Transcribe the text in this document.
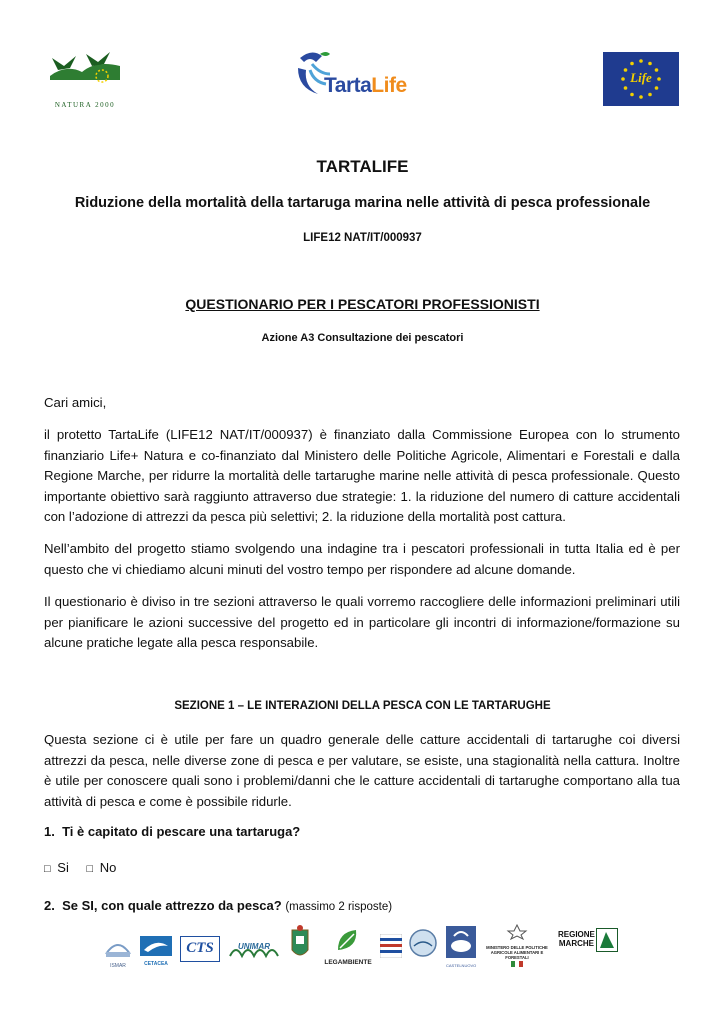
NATURA 2000
TartaLife	Life
TARTALIFE
Riduzione della mortalità della tartaruga marina nelle attività di pesca professionale
LIFE12 NAT/IT/000937
QUESTIONARIO PER I PESCATORI PROFESSIONISTI
Azione A3 Consultazione dei pescatori

Cari amici,

il protetto TartaLife (LIFE12 NAT/IT/000937) è finanziato dalla Commissione Europea con lo strumento finanziario Life+ Natura e co-finanziato dal Ministero delle Politiche Agricole, Alimentari e Forestali e dalla Regione Marche, per ridurre la mortalità delle tartarughe marine nelle attività di pesca professionale. Questo importante obiettivo sarà raggiunto attraverso due strategie: 1. la riduzione del numero di catture accidentali con l’adozione di attrezzi da pesca più selettivi; 2. la riduzione della mortalità post cattura.

Nell’ambito del progetto stiamo svolgendo una indagine tra i pescatori professionali in tutta Italia ed è per questo che vi chiediamo alcuni minuti del vostro tempo per rispondere ad alcune domande.

Il questionario è diviso in tre sezioni attraverso le quali vorremo raccogliere delle informazioni preliminari utili per pianificare le azioni successive del progetto ed in particolare gli incontri di informazione/formazione su alcune pratiche legate alla pesca responsabile.

SEZIONE 1 – LE INTERAZIONI DELLA PESCA CON LE TARTARUGHE

Questa sezione ci è utile per fare un quadro generale delle catture accidentali di tartarughe coi diversi attrezzi da pesca, nelle diverse zone di pesca e per valutare, se esiste, una stagionalità nella cattura. Inoltre è utile per conoscere quali sono i problemi/danni che le catture accidentali di tartarughe comportano alla tua attività di pesca e come è possibile ridurle.

1. Ti è capitato di pescare una tartaruga?
□ Si □ No
2. Se SI, con quale attrezzo da pesca? (massimo 2 risposte)
ISMAR	CETACEA
CTS	UNIMAR
LEGAMBIENTE	CASTELNUOVO
MINISTERO DELLE POLITICHE AGRICOLE ALIMENTARI E FORESTALI
REGIONE
MARCHE
